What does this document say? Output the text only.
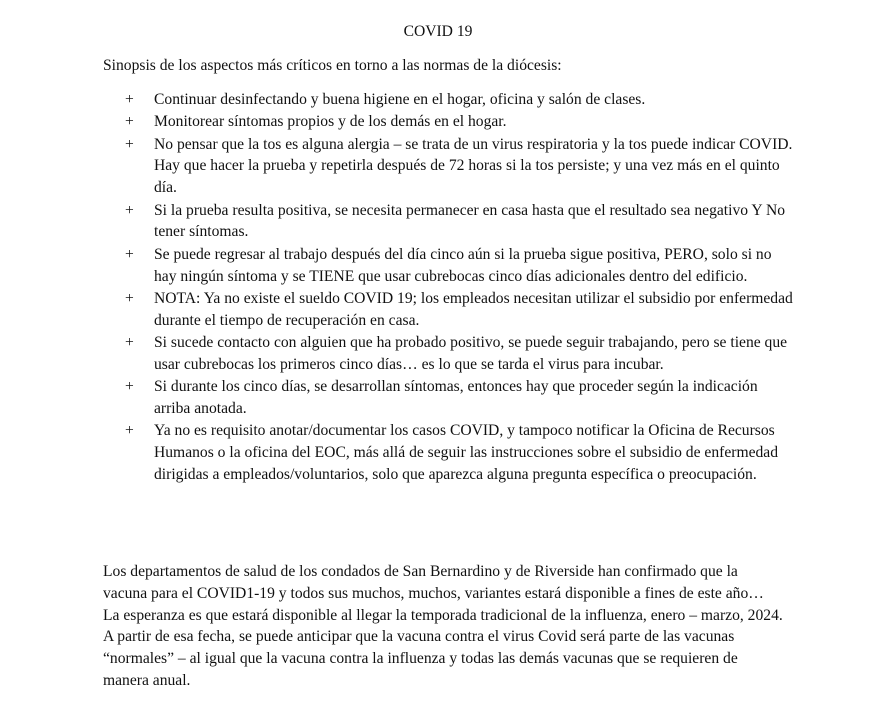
COVID 19

Sinopsis de los aspectos más críticos en torno a las normas de la diócesis:

+ Continuar desinfectando y buena higiene en el hogar, oficina y salón de clases.
+ Monitorear síntomas propios y de los demás en el hogar.
+ No pensar que la tos es alguna alergia – se trata de un virus respiratoria y la tos puede indicar COVID. Hay que hacer la prueba y repetirla después de 72 horas si la tos persiste; y una vez más en el quinto día.
+ Si la prueba resulta positiva, se necesita permanecer en casa hasta que el resultado sea negativo Y No tener síntomas.
+ Se puede regresar al trabajo después del día cinco aún si la prueba sigue positiva, PERO, solo si no hay ningún síntoma y se TIENE que usar cubrebocas cinco días adicionales dentro del edificio.
+ NOTA: Ya no existe el sueldo COVID 19; los empleados necesitan utilizar el subsidio por enfermedad durante el tiempo de recuperación en casa.
+ Si sucede contacto con alguien que ha probado positivo, se puede seguir trabajando, pero se tiene que usar cubrebocas los primeros cinco días… es lo que se tarda el virus para incubar.
+ Si durante los cinco días, se desarrollan síntomas, entonces hay que proceder según la indicación arriba anotada.
+ Ya no es requisito anotar/documentar los casos COVID, y tampoco notificar la Oficina de Recursos Humanos o la oficina del EOC, más allá de seguir las instrucciones sobre el subsidio de enfermedad dirigidas a empleados/voluntarios, solo que aparezca alguna pregunta específica o preocupación.

Los departamentos de salud de los condados de San Bernardino y de Riverside han confirmado que la vacuna para el COVID1-19 y todos sus muchos, muchos, variantes estará disponible a fines de este año… La esperanza es que estará disponible al llegar la temporada tradicional de la influenza, enero – marzo, 2024. A partir de esa fecha, se puede anticipar que la vacuna contra el virus Covid será parte de las vacunas “normales” – al igual que la vacuna contra la influenza y todas las demás vacunas que se requieren de manera anual.
